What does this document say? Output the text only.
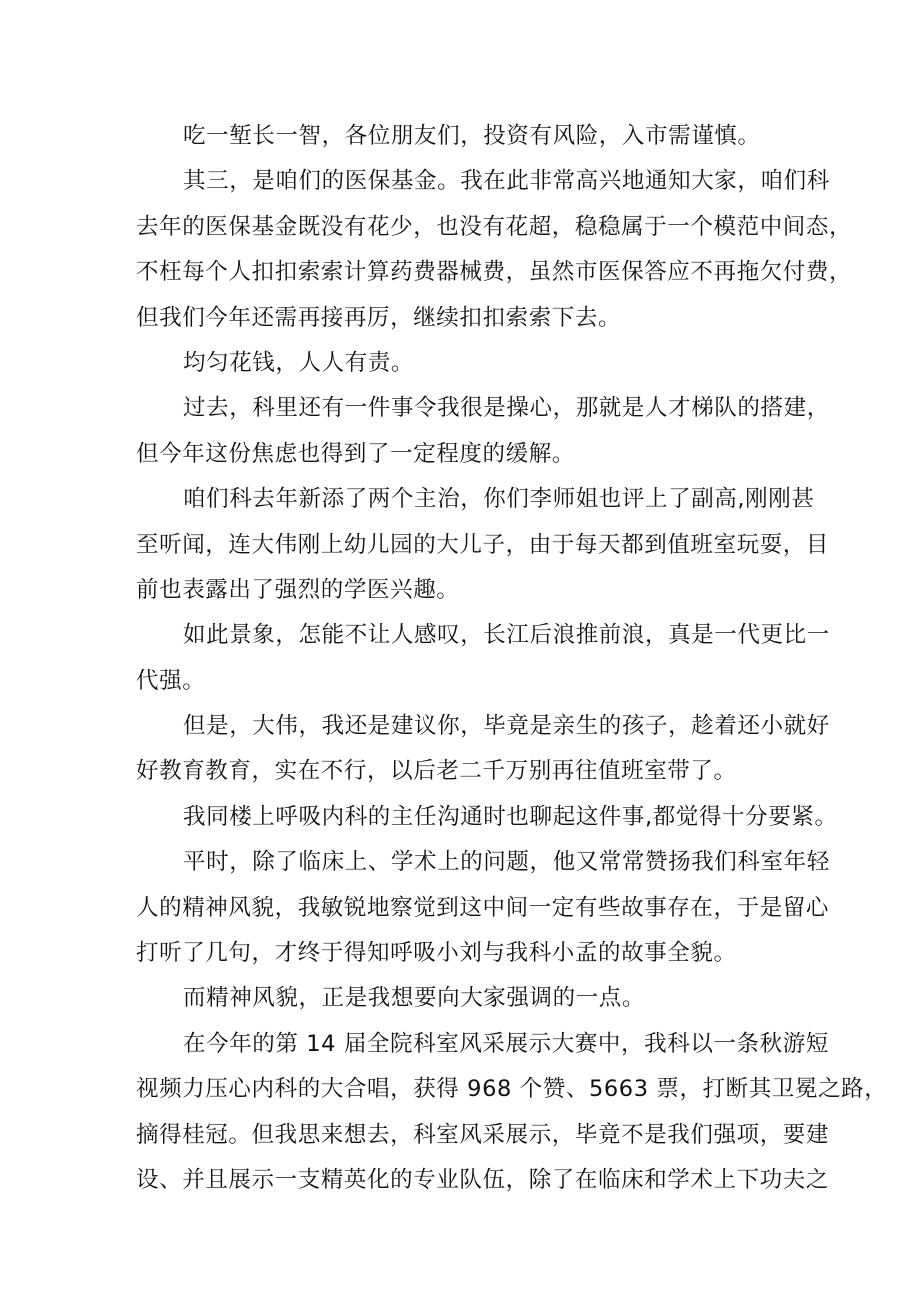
吃一堑长一智，各位朋友们，投资有风险，入市需谨慎。
其三，是咱们的医保基金。我在此非常高兴地通知大家，咱们科
去年的医保基金既没有花少，也没有花超，稳稳属于一个模范中间态，
不枉每个人扣扣索索计算药费器械费，虽然市医保答应不再拖欠付费，
但我们今年还需再接再厉，继续扣扣索索下去。
均匀花钱，人人有责。
过去，科里还有一件事令我很是操心，那就是人才梯队的搭建，
但今年这份焦虑也得到了一定程度的缓解。
咱们科去年新添了两个主治，你们李师姐也评上了副高,刚刚甚
至听闻，连大伟刚上幼儿园的大儿子，由于每天都到值班室玩耍，目
前也表露出了强烈的学医兴趣。
如此景象，怎能不让人感叹，长江后浪推前浪，真是一代更比一
代强。
但是，大伟，我还是建议你，毕竟是亲生的孩子，趁着还小就好
好教育教育，实在不行，以后老二千万别再往值班室带了。
我同楼上呼吸内科的主任沟通时也聊起这件事,都觉得十分要紧。
平时，除了临床上、学术上的问题，他又常常赞扬我们科室年轻
人的精神风貌，我敏锐地察觉到这中间一定有些故事存在，于是留心
打听了几句，才终于得知呼吸小刘与我科小孟的故事全貌。
而精神风貌，正是我想要向大家强调的一点。
在今年的第 14 届全院科室风采展示大赛中，我科以一条秋游短
视频力压心内科的大合唱，获得 968 个赞、5663 票，打断其卫冕之路，
摘得桂冠。但我思来想去，科室风采展示，毕竟不是我们强项，要建
设、并且展示一支精英化的专业队伍，除了在临床和学术上下功夫之
